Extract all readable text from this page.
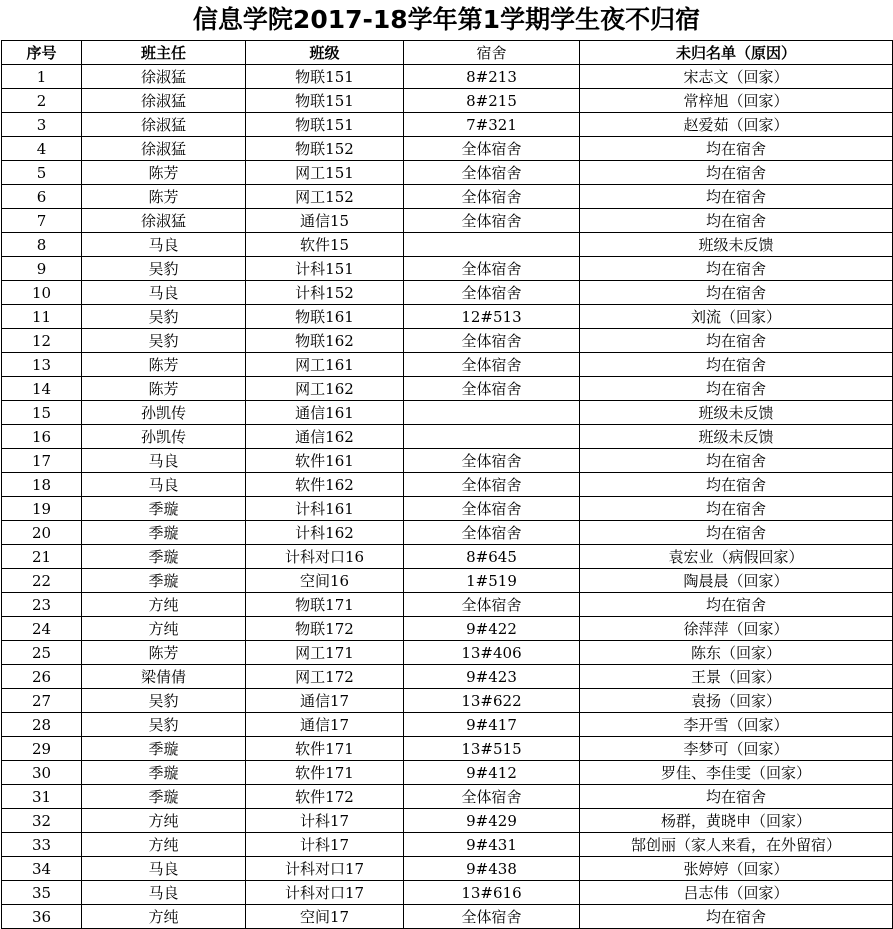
信息学院2017-18学年第1学期学生夜不归宿
序号	班主任	班级	宿舍	未归名单（原因）
1	徐淑猛	物联151	8#213	宋志文（回家）
2	徐淑猛	物联151	8#215	常梓旭（回家）
3	徐淑猛	物联151	7#321	赵爱茹（回家）
4	徐淑猛	物联152	全体宿舍	均在宿舍
5	陈芳	网工151	全体宿舍	均在宿舍
6	陈芳	网工152	全体宿舍	均在宿舍
7	徐淑猛	通信15	全体宿舍	均在宿舍
8	马良	软件15		班级未反馈
9	吴豹	计科151	全体宿舍	均在宿舍
10	马良	计科152	全体宿舍	均在宿舍
11	吴豹	物联161	12#513	刘流（回家）
12	吴豹	物联162	全体宿舍	均在宿舍
13	陈芳	网工161	全体宿舍	均在宿舍
14	陈芳	网工162	全体宿舍	均在宿舍
15	孙凯传	通信161		班级未反馈
16	孙凯传	通信162		班级未反馈
17	马良	软件161	全体宿舍	均在宿舍
18	马良	软件162	全体宿舍	均在宿舍
19	季璇	计科161	全体宿舍	均在宿舍
20	季璇	计科162	全体宿舍	均在宿舍
21	季璇	计科对口16	8#645	袁宏业（病假回家）
22	季璇	空间16	1#519	陶晨晨（回家）
23	方纯	物联171	全体宿舍	均在宿舍
24	方纯	物联172	9#422	徐萍萍（回家）
25	陈芳	网工171	13#406	陈东（回家）
26	梁倩倩	网工172	9#423	王景（回家）
27	吴豹	通信17	13#622	袁扬（回家）
28	吴豹	通信17	9#417	李开雪（回家）
29	季璇	软件171	13#515	李梦可（回家）
30	季璇	软件171	9#412	罗佳、李佳雯（回家）
31	季璇	软件172	全体宿舍	均在宿舍
32	方纯	计科17	9#429	杨群，黄晓申（回家）
33	方纯	计科17	9#431	郜创丽（家人来看，在外留宿）
34	马良	计科对口17	9#438	张婷婷（回家）
35	马良	计科对口17	13#616	吕志伟（回家）
36	方纯	空间17	全体宿舍	均在宿舍
